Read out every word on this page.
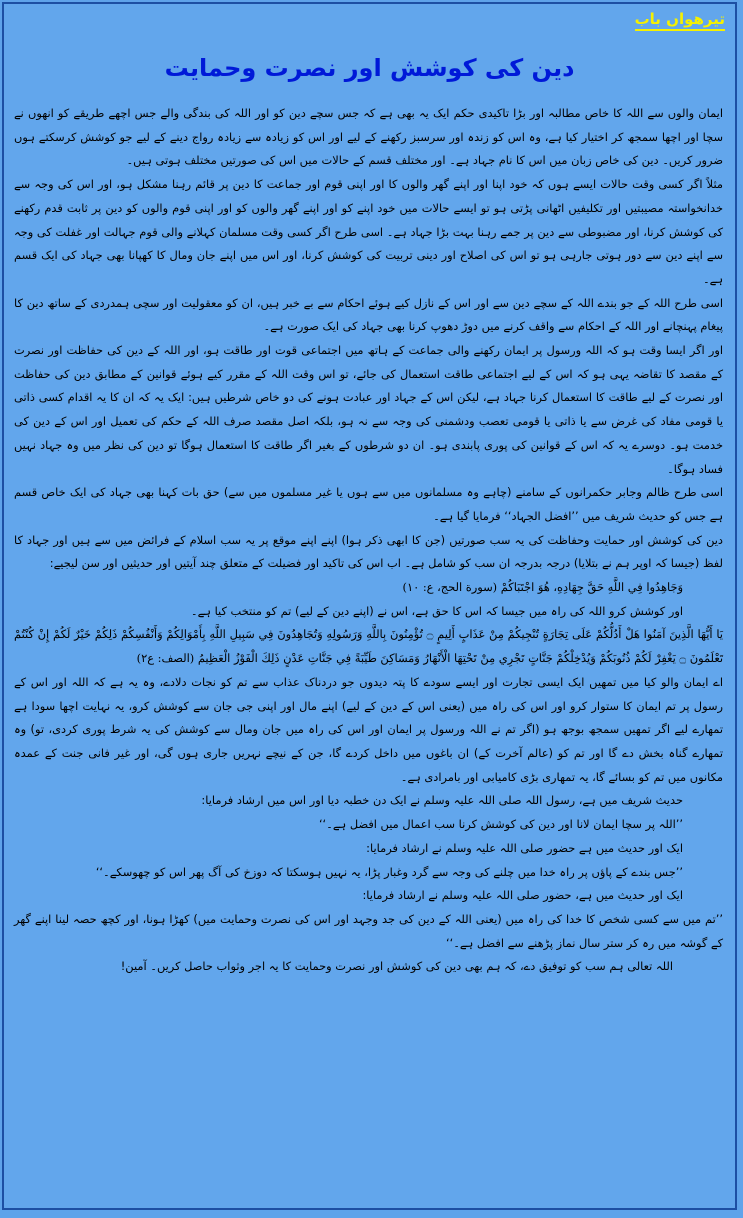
تیرھواں باب
دین کی کوشش اور نصرت وحمایت

ایمان والوں سے اللہ کا خاص مطالبہ اور بڑا تاکیدی حکم ایک یہ بھی ہے کہ جس سچے دین کو اور اللہ کی بندگی والے جس اچھے طریقے کو انھوں نے سچا اور اچھا سمجھ کر اختیار کیا ہے، وہ اس کو زندہ اور سرسبز رکھنے کے لیے اور اس کو زیادہ سے زیادہ رواج دینے کے لیے جو کوشش کرسکتے ہوں ضرور کریں۔ دین کی خاص زبان میں اس کا نام جہاد ہے۔ اور مختلف قسم کے حالات میں اس کی صورتیں مختلف ہوتی ہیں۔

مثلاً اگر کسی وقت حالات ایسے ہوں کہ خود اپنا اور اپنے گھر والوں کا اور اپنی قوم اور جماعت کا دین پر قائم رہنا مشکل ہو، اور اس کی وجہ سے خدانخواستہ مصیبتیں اور تکلیفیں اٹھانی پڑتی ہو تو ایسے حالات میں خود اپنے کو اور اپنے گھر والوں کو اور اپنی قوم والوں کو دین پر ثابت قدم رکھنے کی کوشش کرنا، اور مضبوطی سے دین پر جمے رہنا بہت بڑا جہاد ہے۔ اسی طرح اگر کسی وقت مسلمان کہلانے والی قوم جہالت اور غفلت کی وجہ سے اپنے دین سے دور ہوتی جارہی ہو تو اس کی اصلاح اور دینی تربیت کی کوشش کرنا، اور اس میں اپنے جان ومال کا کھپانا بھی جہاد کی ایک قسم ہے۔

اسی طرح اللہ کے جو بندے اللہ کے سچے دین سے اور اس کے نازل کیے ہوئے احکام سے بے خبر ہیں، ان کو معقولیت اور سچی ہمدردی کے ساتھ دین کا پیغام پہنچانے اور اللہ کے احکام سے واقف کرنے میں دوڑ دھوپ کرنا بھی جہاد کی ایک صورت ہے۔

اور اگر ایسا وقت ہو کہ اللہ ورسول پر ایمان رکھنے والی جماعت کے ہاتھ میں اجتماعی قوت اور طاقت ہو، اور اللہ کے دین کی حفاظت اور نصرت کے مقصد کا تقاضہ یہی ہو کہ اس کے لیے اجتماعی طاقت استعمال کی جائے، تو اس وقت اللہ کے مقرر کیے ہوئے قوانین کے مطابق دین کی حفاظت اور نصرت کے لیے طاقت کا استعمال کرنا جہاد ہے، لیکن اس کے جہاد اور عبادت ہونے کی دو خاص شرطیں ہیں: ایک یہ کہ ان کا یہ اقدام کسی ذاتی یا قومی مفاد کی غرض سے یا ذاتی یا قومی تعصب ودشمنی کی وجہ سے نہ ہو، بلکہ اصل مقصد صرف اللہ کے حکم کی تعمیل اور اس کے دین کی خدمت ہو۔ دوسرے یہ کہ اس کے قوانین کی پوری پابندی ہو۔ ان دو شرطوں کے بغیر اگر طاقت کا استعمال ہوگا تو دین کی نظر میں وہ جہاد نہیں فساد ہوگا۔

اسی طرح ظالم وجابر حکمرانوں کے سامنے (چاہے وہ مسلمانوں میں سے ہوں یا غیر مسلموں میں سے) حق بات کہنا بھی جہاد کی ایک خاص قسم ہے جس کو حدیث شریف میں ’’افضل الجہاد‘‘ فرمایا گیا ہے۔

دین کی کوشش اور حمایت وحفاظت کی یہ سب صورتیں (جن کا ابھی ذکر ہوا) اپنے اپنے موقع پر یہ سب اسلام کے فرائض میں سے ہیں اور جہاد کا لفظ (جیسا کہ اوپر ہم نے بتلایا) درجہ بدرجہ ان سب کو شامل ہے۔ اب اس کی تاکید اور فضیلت کے متعلق چند آیتیں اور حدیثیں اور سن لیجیے:

وَجَاهِدُوا فِي اللَّهِ حَقَّ جِهَادِهِ، هُوَ اجْتَبَاكُمْ (سورة الحج، ع: ١٠)

اور کوشش کرو اللہ کی راہ میں جیسا کہ اس کا حق ہے، اس نے (اپنے دین کے لیے) تم کو منتخب کیا ہے۔

يَا أَيُّهَا الَّذِينَ آمَنُوا هَلْ أَدُلُّكُمْ عَلَى تِجَارَةٍ تُنْجِيكُمْ مِنْ عَذَابٍ أَلِيمٍ ۝ تُؤْمِنُونَ بِاللَّهِ وَرَسُولِهِ وَتُجَاهِدُونَ فِي سَبِيلِ اللَّهِ بِأَمْوَالِكُمْ وَأَنْفُسِكُمْ ذَلِكُمْ خَيْرٌ لَكُمْ إِنْ كُنْتُمْ تَعْلَمُونَ ۝ يَغْفِرْ لَكُمْ ذُنُوبَكُمْ وَيُدْخِلْكُمْ جَنَّاتٍ تَجْرِي مِنْ تَحْتِهَا الْأَنْهَارُ وَمَسَاكِنَ طَيِّبَةً فِي جَنَّاتِ عَدْنٍ ذَلِكَ الْفَوْزُ الْعَظِيمُ (الصف: ع٢)

اے ایمان والو کیا میں تمھیں ایک ایسی تجارت اور ایسے سودے کا پتہ دیدوں جو دردناک عذاب سے تم کو نجات دلادے، وہ یہ ہے کہ اللہ اور اس کے رسول پر تم ایمان کا ستوار کرو اور اس کی راہ میں (یعنی اس کے دین کے لیے) اپنے مال اور اپنی جی جان سے کوشش کرو، یہ نہایت اچھا سودا ہے تمھارے لیے اگر تمھیں سمجھ بوجھ ہو (اگر تم نے اللہ ورسول پر ایمان اور اس کی راہ میں جان ومال سے کوشش کی یہ شرط پوری کردی، تو) وہ تمھارے گناہ بخش دے گا اور تم کو (عالم آخرت کے) ان باغوں میں داخل کردے گا، جن کے نیچے نہریں جاری ہوں گی، اور غیر فانی جنت کے عمدہ مکانوں میں تم کو بسائے گا، یہ تمھاری بڑی کامیابی اور بامرادی ہے۔

حدیث شریف میں ہے، رسول اللہ صلی اللہ علیہ وسلم نے ایک دن خطبہ دیا اور اس میں ارشاد فرمایا:

’’اللہ پر سچا ایمان لانا اور دین کی کوشش کرنا سب اعمال میں افضل ہے۔‘‘

ایک اور حدیث میں ہے حضور صلی اللہ علیہ وسلم نے ارشاد فرمایا:

’’جس بندے کے پاؤں پر راہ خدا میں چلنے کی وجہ سے گرد وغبار پڑا، یہ نہیں ہوسکتا کہ دوزخ کی آگ پھر اس کو چھوسکے۔‘‘

ایک اور حدیث میں ہے، حضور صلی اللہ علیہ وسلم نے ارشاد فرمایا:

’’تم میں سے کسی شخص کا خدا کی راہ میں (یعنی اللہ کے دین کی جد وجہد اور اس کی نصرت وحمایت میں) کھڑا ہونا، اور کچھ حصہ لینا اپنے گھر کے گوشہ میں رہ کر ستر سال نماز پڑھنے سے افضل ہے۔‘‘

اللہ تعالی ہم سب کو توفیق دے، کہ ہم بھی دین کی کوشش اور نصرت وحمایت کا یہ اجر وثواب حاصل کریں۔ آمین!
